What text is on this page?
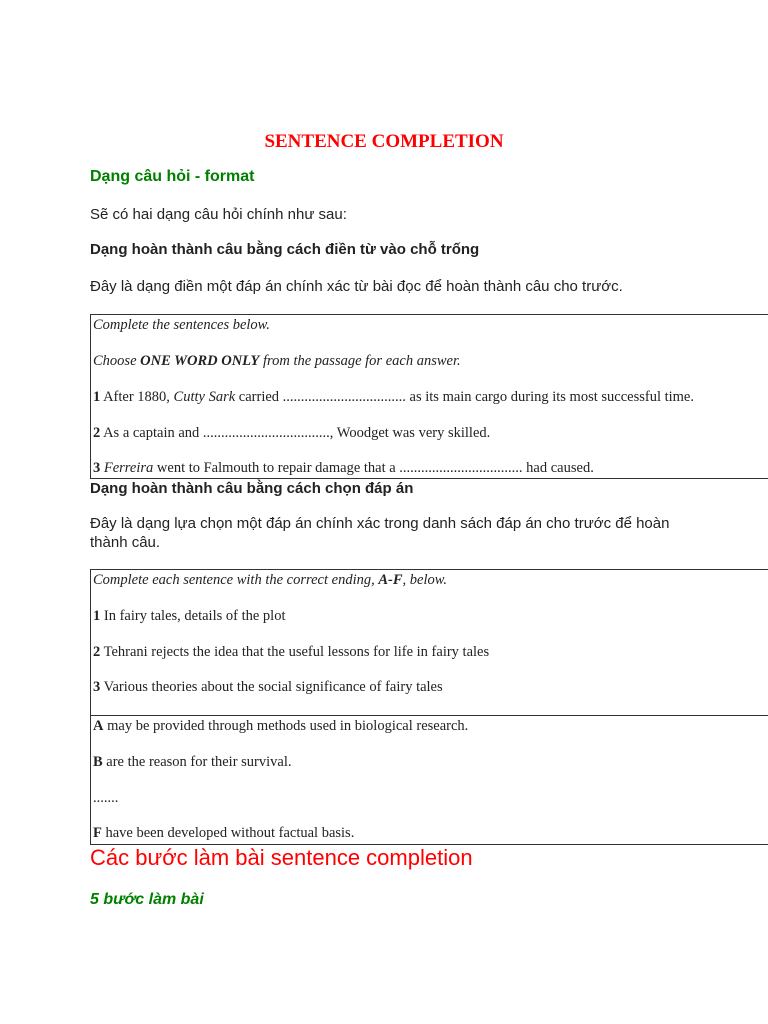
SENTENCE COMPLETION
Dạng câu hỏi - format
Sẽ có hai dạng câu hỏi chính như sau:
Dạng hoàn thành câu bằng cách điền từ vào chỗ trống
Đây là dạng điền một đáp án chính xác từ bài đọc để hoàn thành câu cho trước.
Complete the sentences below.
Choose ONE WORD ONLY from the passage for each answer.
1 After 1880, Cutty Sark carried .................................. as its main cargo during its most successful time.
2 As a captain and ..................................., Woodget was very skilled.
3 Ferreira went to Falmouth to repair damage that a .................................. had caused.
Dạng hoàn thành câu bằng cách chọn đáp án
Đây là dạng lựa chọn một đáp án chính xác trong danh sách đáp án cho trước để hoàn thành câu.
Complete each sentence with the correct ending, A-F, below.
1 In fairy tales, details of the plot
2 Tehrani rejects the idea that the useful lessons for life in fairy tales
3 Various theories about the social significance of fairy tales
A may be provided through methods used in biological research.
B are the reason for their survival.
.......
F have been developed without factual basis.
Các bước làm bài sentence completion
5 bước làm bài
